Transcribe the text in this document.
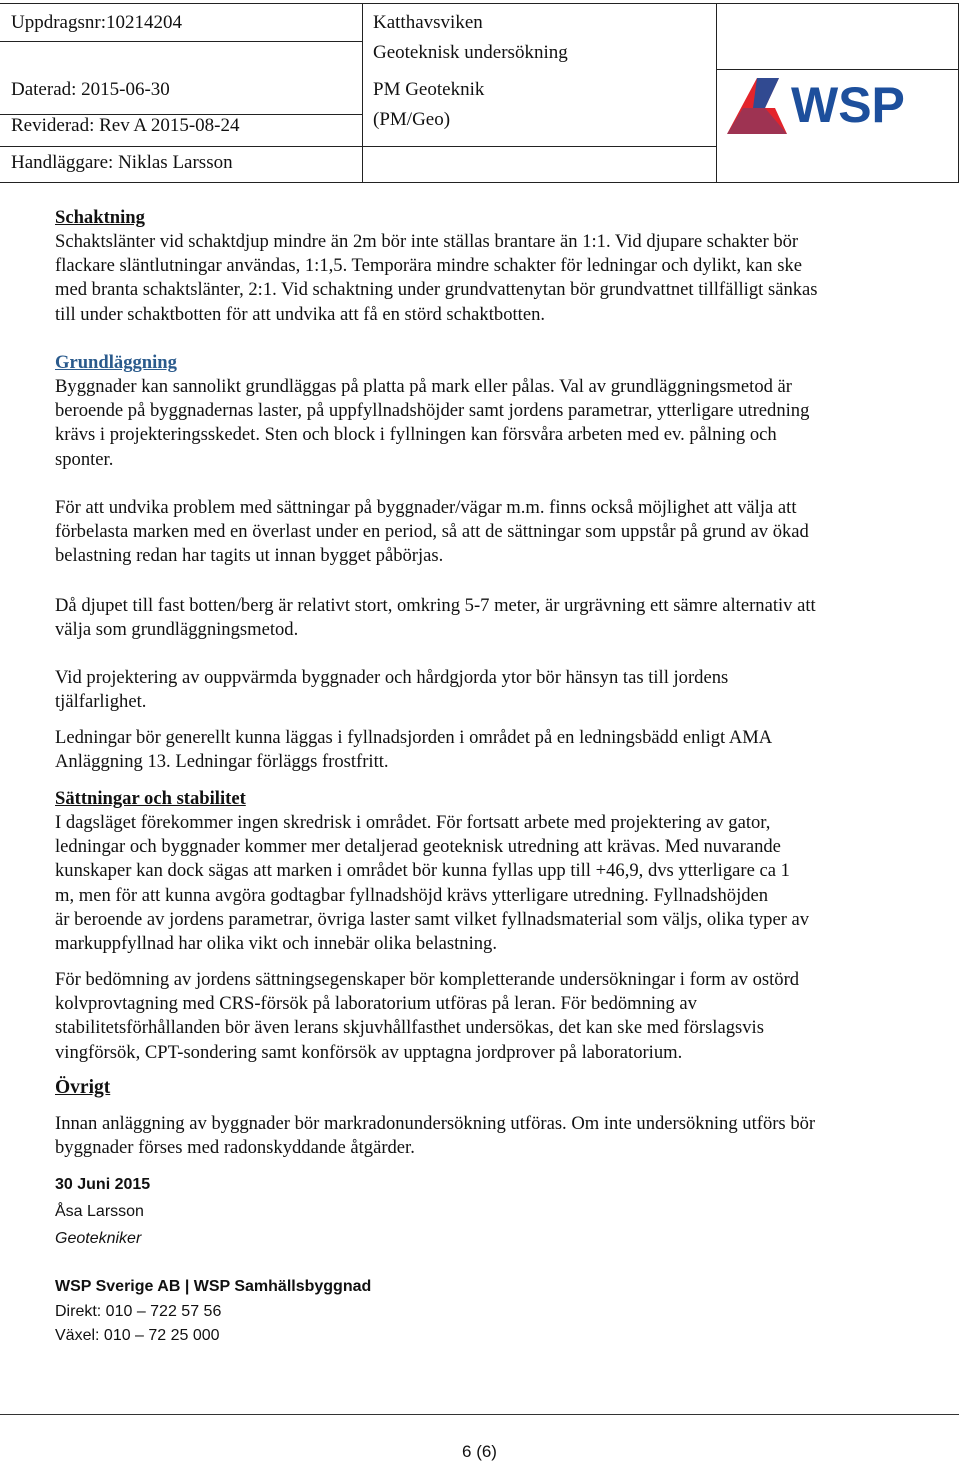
Uppdragsnr:10214204
Daterad: 2015-06-30
Reviderad: Rev A 2015-08-24
Handläggare: Niklas Larsson
Katthavsviken
Geoteknisk undersökning
PM Geoteknik
(PM/Geo)	WSP
Schaktning
Schaktslänter vid schaktdjup mindre än 2m bör inte ställas brantare än 1:1. Vid djupare schakter bör
flackare släntlutningar användas, 1:1,5. Temporära mindre schakter för ledningar och dylikt, kan ske
med branta schaktslänter, 2:1. Vid schaktning under grundvattenytan bör grundvattnet tillfälligt sänkas
till under schaktbotten för att undvika att få en störd schaktbotten.
Grundläggning
Byggnader kan sannolikt grundläggas på platta på mark eller pålas. Val av grundläggningsmetod är
beroende på byggnadernas laster, på uppfyllnadshöjder samt jordens parametrar, ytterligare utredning
krävs i projekteringsskedet. Sten och block i fyllningen kan försvåra arbeten med ev. pålning och
sponter.
För att undvika problem med sättningar på byggnader/vägar m.m. finns också möjlighet att välja att
förbelasta marken med en överlast under en period, så att de sättningar som uppstår på grund av ökad
belastning redan har tagits ut innan bygget påbörjas.
Då djupet till fast botten/berg är relativt stort, omkring 5-7 meter, är urgrävning ett sämre alternativ att
välja som grundläggningsmetod.
Vid projektering av ouppvärmda byggnader och hårdgjorda ytor bör hänsyn tas till jordens
tjälfarlighet.
Ledningar bör generellt kunna läggas i fyllnadsjorden i området på en ledningsbädd enligt AMA
Anläggning 13. Ledningar förläggs frostfritt.
Sättningar och stabilitet
I dagsläget förekommer ingen skredrisk i området. För fortsatt arbete med projektering av gator,
ledningar och byggnader kommer mer detaljerad geoteknisk utredning att krävas. Med nuvarande
kunskaper kan dock sägas att marken i området bör kunna fyllas upp till +46,9, dvs ytterligare ca 1
m, men för att kunna avgöra godtagbar fyllnadshöjd krävs ytterligare utredning. Fyllnadshöjden
är beroende av jordens parametrar, övriga laster samt vilket fyllnadsmaterial som väljs, olika typer av
markuppfyllnad har olika vikt och innebär olika belastning.
För bedömning av jordens sättningsegenskaper bör kompletterande undersökningar i form av ostörd
kolvprovtagning med CRS-försök på laboratorium utföras på leran. För bedömning av
stabilitetsförhållanden bör även lerans skjuvhållfasthet undersökas, det kan ske med förslagsvis
vingförsök, CPT-sondering samt konförsök av upptagna jordprover på laboratorium.
Övrigt
Innan anläggning av byggnader bör markradonundersökning utföras. Om inte undersökning utförs bör
byggnader förses med radonskyddande åtgärder.
30 Juni 2015
Åsa Larsson
Geotekniker
WSP Sverige AB | WSP Samhällsbyggnad
Direkt: 010 – 722 57 56
Växel: 010 – 72 25 000
6 (6)
